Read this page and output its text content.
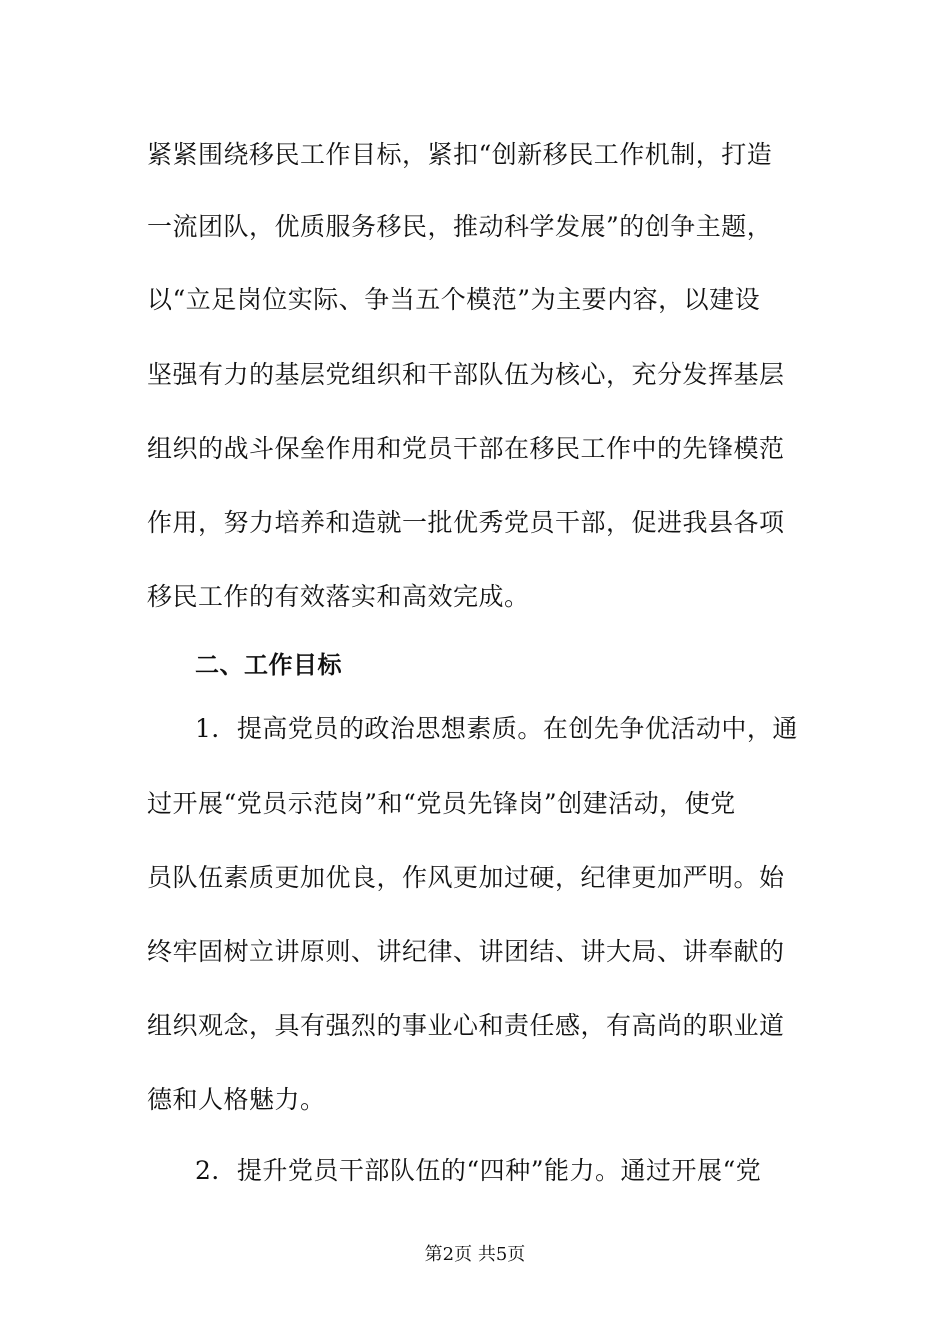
紧紧围绕移民工作目标，紧扣“创新移民工作机制，打造
一流团队，优质服务移民，推动科学发展”的创争主题，
以“立足岗位实际、争当五个模范”为主要内容，以建设
坚强有力的基层党组织和干部队伍为核心，充分发挥基层
组织的战斗保垒作用和党员干部在移民工作中的先锋模范
作用，努力培养和造就一批优秀党员干部，促进我县各项
移民工作的有效落实和高效完成。
二、工作目标
1．提高党员的政治思想素质。在创先争优活动中，通
过开展“党员示范岗”和“党员先锋岗”创建活动，使党
员队伍素质更加优良，作风更加过硬，纪律更加严明。始
终牢固树立讲原则、讲纪律、讲团结、讲大局、讲奉献的
组织观念，具有强烈的事业心和责任感，有高尚的职业道
德和人格魅力。
2．提升党员干部队伍的“四种”能力。通过开展“党
第2页 共5页
